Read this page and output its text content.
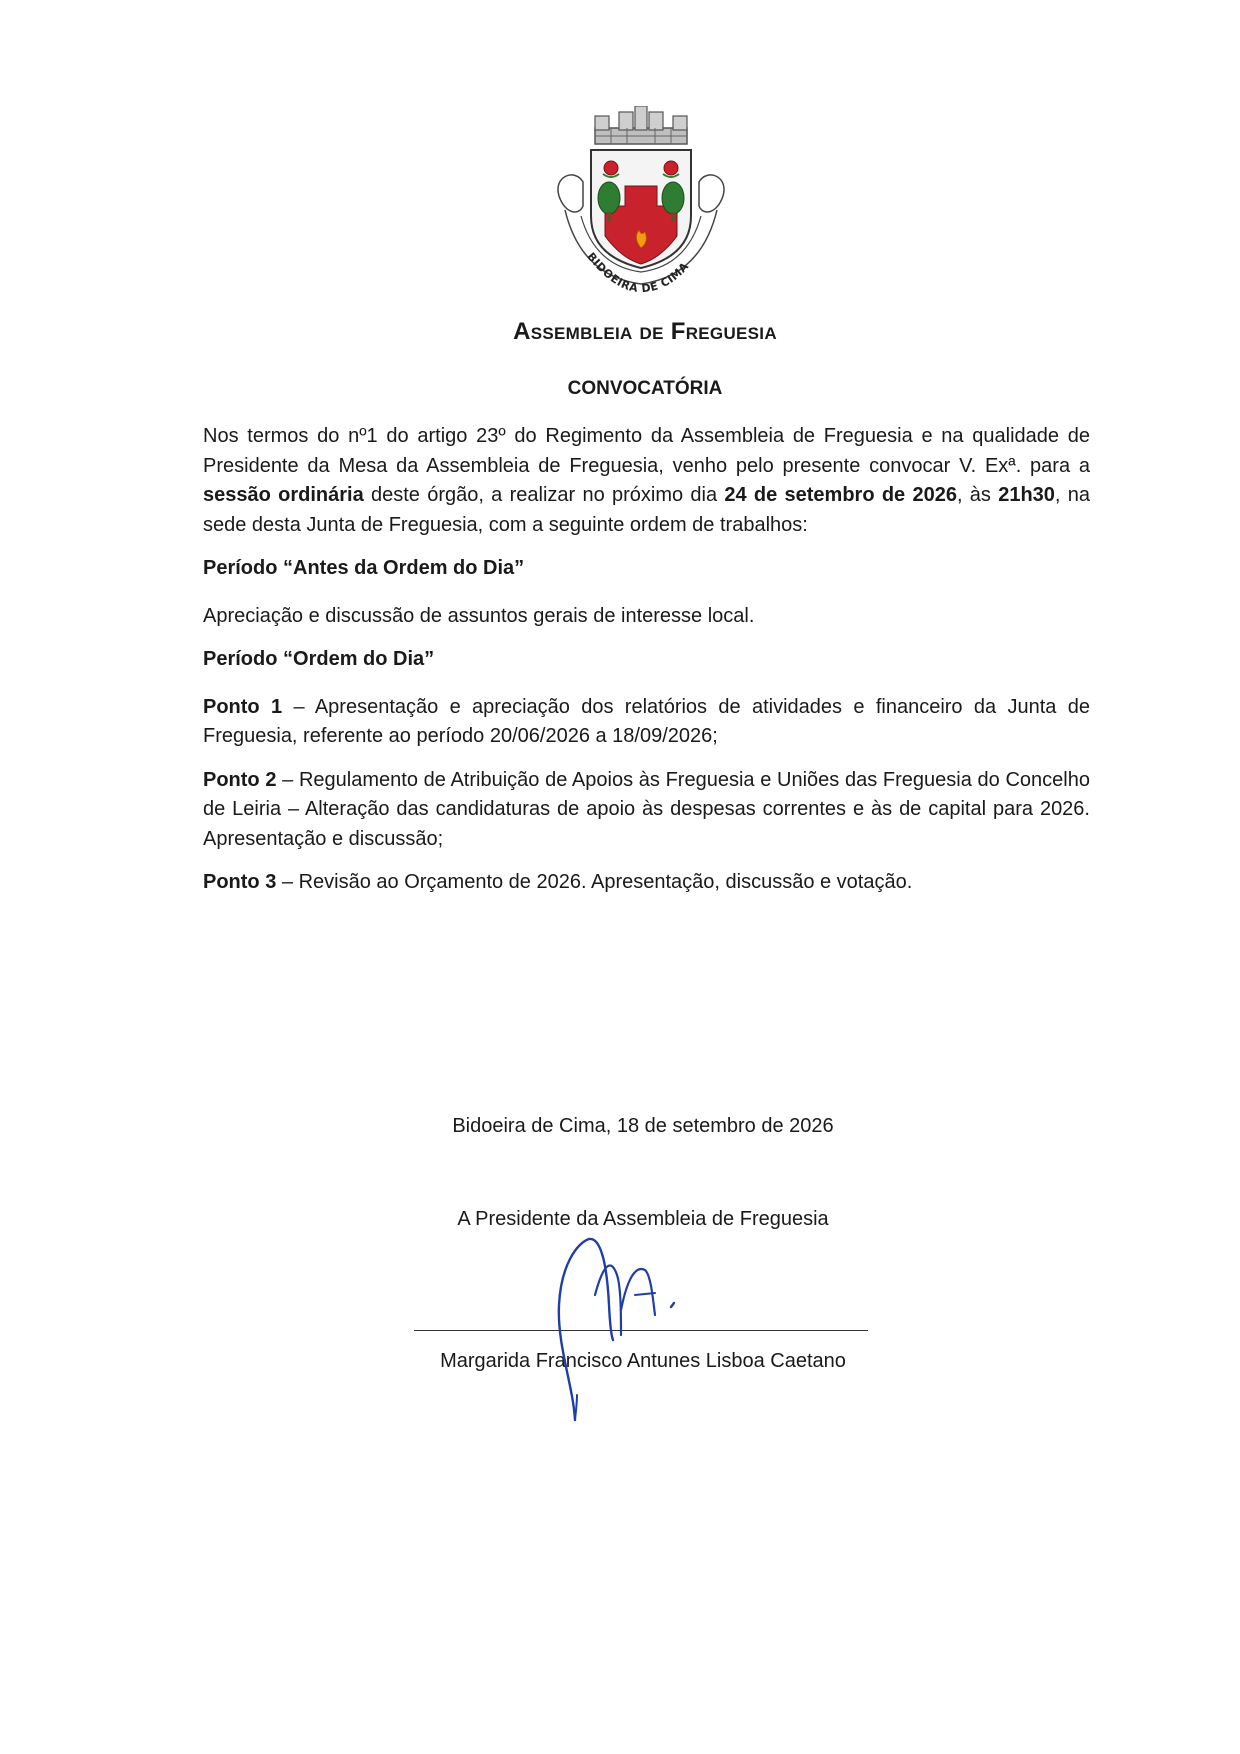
BIDOEIRA DE CIMA
Assembleia de Freguesia
CONVOCATÓRIA

Nos termos do nº1 do artigo 23º do Regimento da Assembleia de Freguesia e na qualidade de Presidente da Mesa da Assembleia de Freguesia, venho pelo presente convocar V. Exª. para a sessão ordinária deste órgão, a realizar no próximo dia 24 de setembro de 2026, às 21h30, na sede desta Junta de Freguesia, com a seguinte ordem de trabalhos:

Período “Antes da Ordem do Dia”

Apreciação e discussão de assuntos gerais de interesse local.

Período “Ordem do Dia”

Ponto 1 – Apresentação e apreciação dos relatórios de atividades e financeiro da Junta de Freguesia, referente ao período 20/06/2026 a 18/09/2026;

Ponto 2 – Regulamento de Atribuição de Apoios às Freguesia e Uniões das Freguesia do Concelho de Leiria – Alteração das candidaturas de apoio às despesas correntes e às de capital para 2026. Apresentação e discussão;

Ponto 3 – Revisão ao Orçamento de 2026. Apresentação, discussão e votação.

Bidoeira de Cima, 18 de setembro de 2026
A Presidente da Assembleia de Freguesia
Margarida Francisco Antunes Lisboa Caetano
